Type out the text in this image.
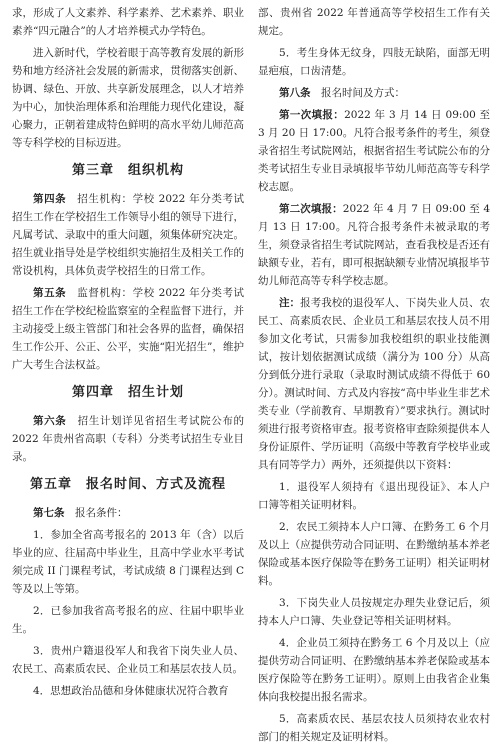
求，形成了人文素养、科学素养、艺术素养、职业素养“四元融合”的人才培养模式办学特色。

进入新时代，学校着眼于高等教育发展的新形势和地方经济社会发展的新需求，贯彻落实创新、协调、绿色、开放、共享新发展理念，以人才培养为中心，加快治理体系和治理能力现代化建设，凝心聚力，正朝着建成特色鲜明的高水平幼儿师范高等专科学校的目标迈进。

第三章　组织机构

第四条　 招生机构：学校 2022 年分类考试招生工作在学校招生工作领导小组的领导下进行，凡属考试、录取中的重大问题，须集体研究决定。招生就业指导处是学校组织实施招生及相关工作的常设机构，具体负责学校招生的日常工作。

第五条　 监督机构：学校 2022 年分类考试招生工作在学校纪检监察室的全程监督下进行，并主动接受上级主管部门和社会各界的监督，确保招生工作公开、公正、公平，实施“阳光招生”，维护广大考生合法权益。

第四章　招生计划

第六条　 招生计划详见省招生考试院公布的2022 年贵州省高职（专科）分类考试招生专业目录。

第五章　报名时间、方式及流程

第七条　 报名条件：

1．参加全省高考报名的 2013 年（含）以后毕业的应、往届高中毕业生，且高中学业水平考试须完成 II 门课程考试，考试成绩 8 门课程达到 C 等及以上等第。

2．已参加我省高考报名的应、往届中职毕业生。

3．贵州户籍退役军人和我省下岗失业人员、农民工、高素质农民、企业员工和基层农技人员。

4．思想政治品德和身体健康状况符合教育

部、贵州省 2022 年普通高等学校招生工作有关规定。

5．考生身体无纹身，四肢无缺陷，面部无明显疤痕，口齿清楚。

第八条　 报名时间及方式：

第一次填报：2022 年 3 月 14 日 09:00 至 3 月 20 日 17:00。凡符合报考条件的考生，须登录省招生考试院网站，根据省招生考试院公布的分类考试招生专业目录填报毕节幼儿师范高等专科学校志愿。

第二次填报：2022 年 4 月 7 日 09:00 至 4 月 13 日 17:00。凡符合报考条件未被录取的考生，须登录省招生考试院网站，查看我校是否还有缺额专业，若有，即可根据缺额专业情况填报毕节幼儿师范高等专科学校志愿。

注：报考我校的退役军人、下岗失业人员、农民工、高素质农民、企业员工和基层农技人员不用参加文化考试，只需参加我校组织的职业技能测试，按计划依据测试成绩（满分为 100 分）从高分到低分进行录取（录取时测试成绩不得低于 60 分）。测试时间、方式及内容按“高中毕业生非艺术类专业（学前教育、早期教育）”要求执行。测试时须进行报考资格审查。报考资格审查除须提供本人身份证原件、学历证明（高级中等教育学校毕业或具有同等学力）两外，还须提供以下资料：

1．退役军人须持有《退出现役证》、本人户口簿等相关证明材料。

2．农民工须持本人户口簿、在黔务工 6 个月及以上（应提供劳动合同证明、在黔缴纳基本养老保险或基本医疗保险等在黔务工证明）相关证明材料。

3．下岗失业人员按规定办理失业登记后，须持本人户口簿、失业登记等相关证明材料。

4．企业员工须持在黔务工 6 个月及以上（应提供劳动合同证明、在黔缴纳基本养老保险或基本医疗保险等在黔务工证明）。原则上由我省企业集体向我校提出报名需求。

5．高素质农民、基层农技人员须持农业农村部门的相关规定及证明材料。
